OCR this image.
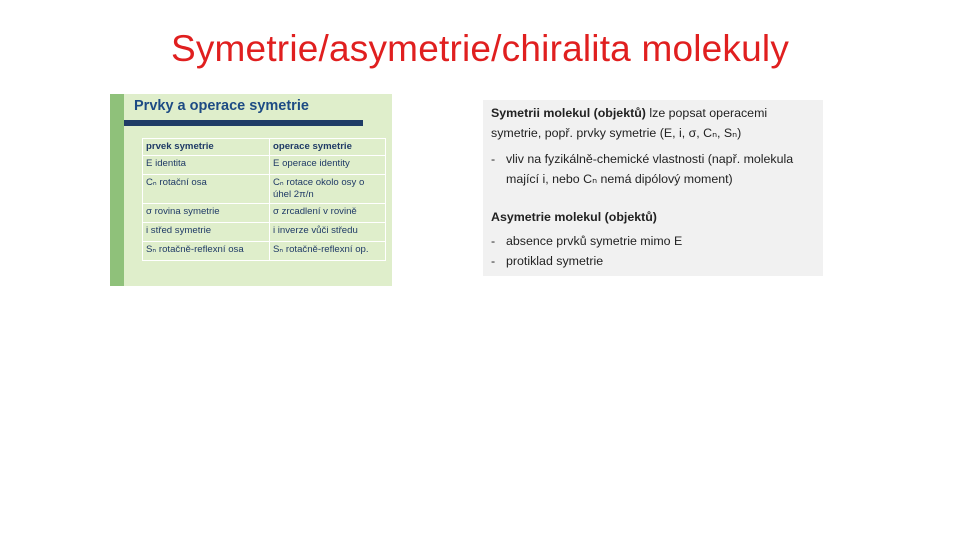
Symetrie/asymetrie/chiralita molekuly
Prvky a operace symetrie
prvek symetrie	operace symetrie
E identita	E operace identity
Cₙ rotační osa	Cₙ rotace okolo osy o úhel 2π/n
σ rovina symetrie	σ zrcadlení v rovině
i střed symetrie	i inverze vůči středu
Sₙ rotačně-reflexní osa	Sₙ rotačně-reflexní op.
Symetrii molekul (objektů) lze popsat operacemi symetrie, popř. prvky symetrie (E, i, σ, Cₙ, Sₙ)
- vliv na fyzikálně-chemické vlastnosti (např. molekula mající i, nebo Cₙ nemá dipólový moment)
Asymetrie molekul (objektů)
- absence prvků symetrie mimo E
- protiklad symetrie
